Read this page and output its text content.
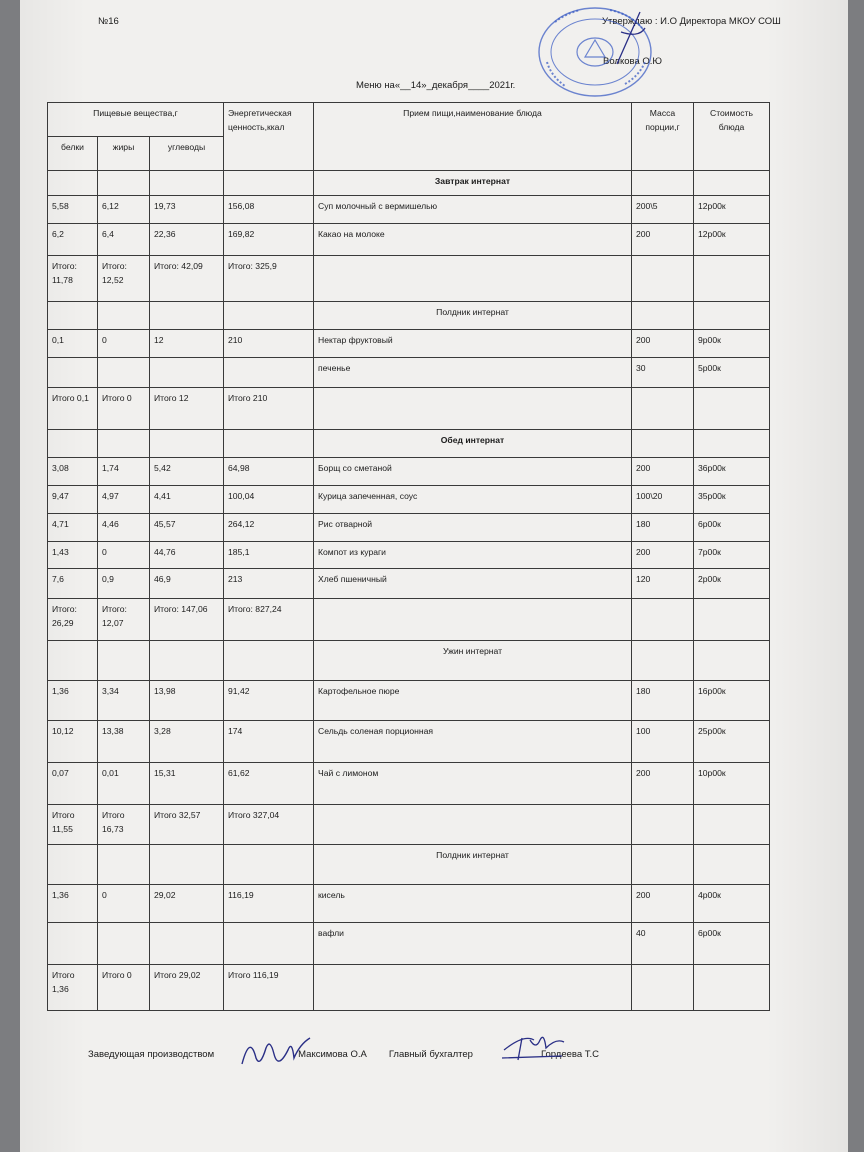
№16	Утверждаю : И.О Директора МКОУ СОШ
Волкова О.Ю
Меню на«__14»_декабря____2021г.
Пищевые вещества,г			Энергетическая ценность,ккал	Прием пищи,наименование блюда	Масса порции,г	Стоимость блюда
белки	жиры	углеводы				
				Завтрак интернат		
5,58	6,12	19,73	156,08	Суп молочный с вермишелью	200\5	12р00к
6,2	6,4	22,36	169,82	Какао на молоке	200	12р00к
Итого: 11,78	Итого: 12,52	Итого: 42,09	Итого: 325,9			
				Полдник интернат		
0,1	0	12	210	Нектар фруктовый	200	9р00к
				печенье	30	5р00к
Итого 0,1	Итого 0	Итого 12	Итого 210			
				Обед интернат		
3,08	1,74	5,42	64,98	Борщ со сметаной	200	36р00к
9,47	4,97	4,41	100,04	Курица запеченная, соус	100\20	35р00к
4,71	4,46	45,57	264,12	Рис отварной	180	6р00к
1,43	0	44,76	185,1	Компот из кураги	200	7р00к
7,6	0,9	46,9	213	Хлеб пшеничный	120	2р00к
Итого: 26,29	Итого: 12,07	Итого: 147,06	Итого: 827,24			
				Ужин интернат		
1,36	3,34	13,98	91,42	Картофельное пюре	180	16р00к
10,12	13,38	3,28	174	Сельдь соленая порционная	100	25р00к
0,07	0,01	15,31	61,62	Чай с лимоном	200	10р00к
Итого 11,55	Итого 16,73	Итого 32,57	Итого 327,04			
				Полдник интернат		
1,36	0	29,02	116,19	кисель	200	4р00к
				вафли	40	6р00к
Итого 1,36	Итого 0	Итого 29,02	Итого 116,19			
Заведующая производством	Максимова О.А Главный бухгалтер	Гордеева Т.С
